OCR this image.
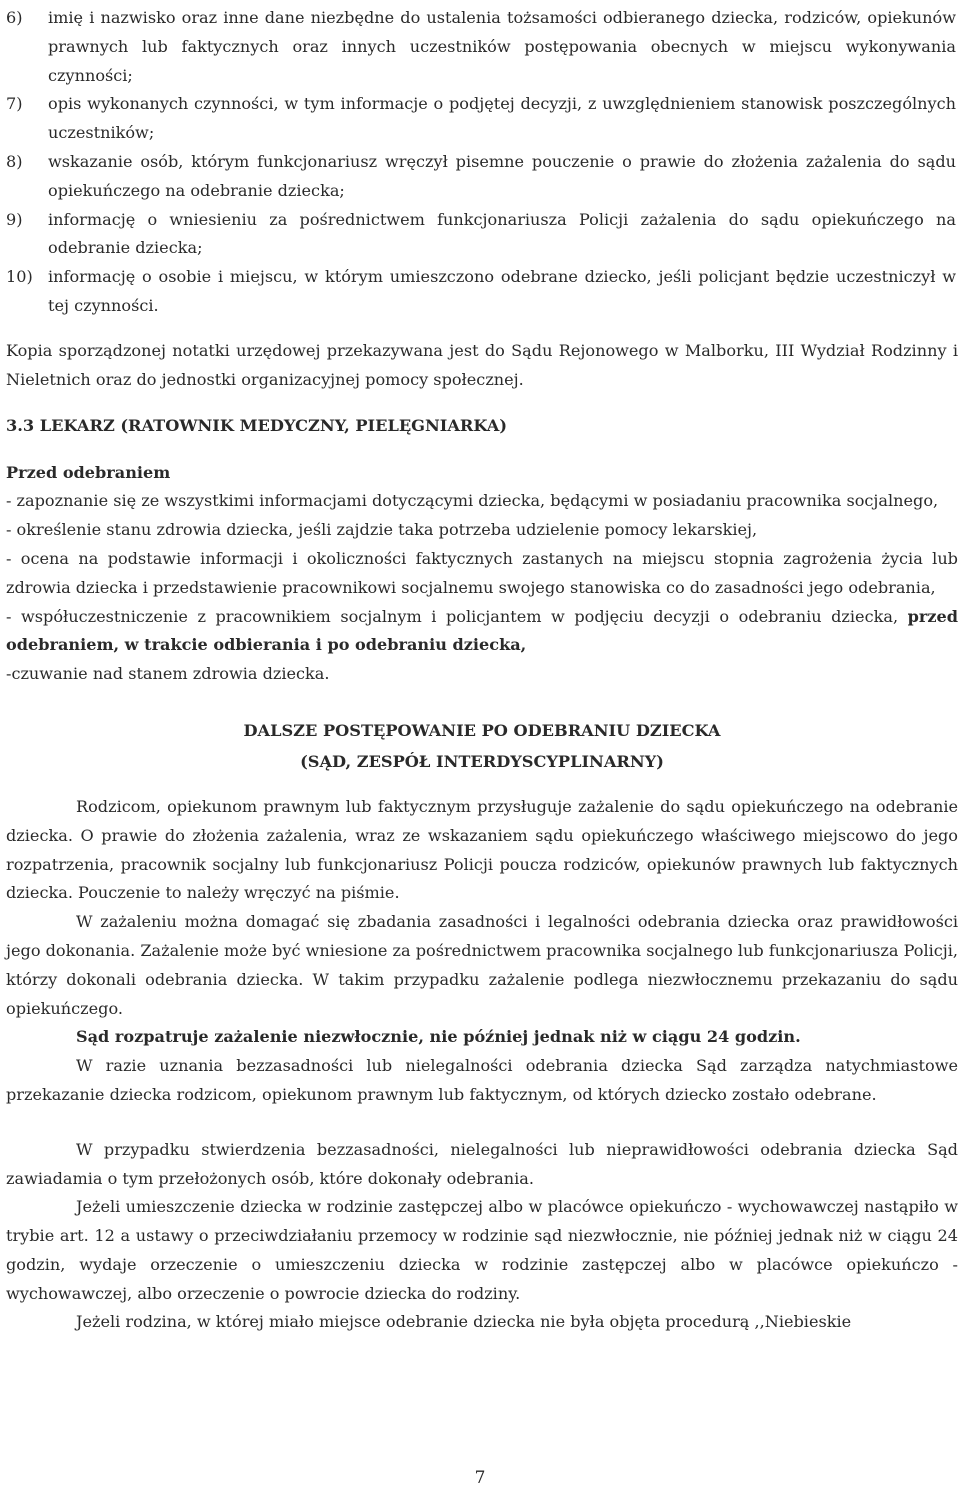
6)	imię i nazwisko oraz inne dane niezbędne do ustalenia tożsamości odbieranego dziecka, rodziców, opiekunów prawnych lub faktycznych oraz innych uczestników postępowania obecnych w miejscu wykonywania czynności;
7)	opis wykonanych czynności, w tym informacje o podjętej decyzji, z uwzględnieniem stanowisk poszczególnych uczestników;
8)	wskazanie osób, którym funkcjonariusz wręczył pisemne pouczenie o prawie do złożenia zażalenia do sądu opiekuńczego na odebranie dziecka;
9)	informację o wniesieniu za pośrednictwem funkcjonariusza Policji zażalenia do sądu opiekuńczego na odebranie dziecka;
10) informację o osobie i miejscu, w którym umieszczono odebrane dziecko, jeśli policjant będzie uczestniczył w tej czynności.

Kopia sporządzonej notatki urzędowej przekazywana jest do Sądu Rejonowego w Malborku, III Wydział Rodzinny i Nieletnich oraz do jednostki organizacyjnej pomocy społecznej.

3.3 LEKARZ (RATOWNIK MEDYCZNY, PIELĘGNIARKA)

Przed odebraniem

- zapoznanie się ze wszystkimi informacjami dotyczącymi dziecka, będącymi w posiadaniu pracownika socjalnego,

- określenie stanu zdrowia dziecka, jeśli zajdzie taka potrzeba udzielenie pomocy lekarskiej,

- ocena na podstawie informacji i okoliczności faktycznych zastanych na miejscu stopnia zagrożenia życia lub zdrowia dziecka i przedstawienie pracownikowi socjalnemu swojego stanowiska co do zasadności jego odebrania,

- współuczestniczenie z pracownikiem socjalnym i policjantem w podjęciu decyzji o odebraniu dziecka, przed odebraniem, w trakcie odbierania i po odebraniu dziecka,

-czuwanie nad stanem zdrowia dziecka.

DALSZE POSTĘPOWANIE PO ODEBRANIU DZIECKA

(SĄD, ZESPÓŁ INTERDYSCYPLINARNY)

Rodzicom, opiekunom prawnym lub faktycznym przysługuje zażalenie do sądu opiekuńczego na odebranie dziecka. O prawie do złożenia zażalenia, wraz ze wskazaniem sądu opiekuńczego właściwego miejscowo do jego rozpatrzenia, pracownik socjalny lub funkcjonariusz Policji poucza rodziców, opiekunów prawnych lub faktycznych dziecka. Pouczenie to należy wręczyć na piśmie.

W zażaleniu można domagać się zbadania zasadności i legalności odebrania dziecka oraz prawidłowości jego dokonania. Zażalenie może być wniesione za pośrednictwem pracownika socjalnego lub funkcjonariusza Policji, którzy dokonali odebrania dziecka. W takim przypadku zażalenie podlega niezwłocznemu przekazaniu do sądu opiekuńczego.

Sąd rozpatruje zażalenie niezwłocznie, nie później jednak niż w ciągu 24 godzin.

W razie uznania bezzasadności lub nielegalności odebrania dziecka Sąd zarządza natychmiastowe przekazanie dziecka rodzicom, opiekunom prawnym lub faktycznym, od których dziecko zostało odebrane.

W przypadku stwierdzenia bezzasadności, nielegalności lub nieprawidłowości odebrania dziecka Sąd zawiadamia o tym przełożonych osób, które dokonały odebrania.

Jeżeli umieszczenie dziecka w rodzinie zastępczej albo w placówce opiekuńczo - wychowawczej nastąpiło w trybie art. 12 a ustawy o przeciwdziałaniu przemocy w rodzinie sąd niezwłocznie, nie później jednak niż w ciągu 24 godzin, wydaje orzeczenie o umieszczeniu dziecka w rodzinie zastępczej albo w placówce opiekuńczo - wychowawczej, albo orzeczenie o powrocie dziecka do rodziny.

Jeżeli rodzina, w której miało miejsce odebranie dziecka nie była objęta procedurą ,,Niebieskie

7
